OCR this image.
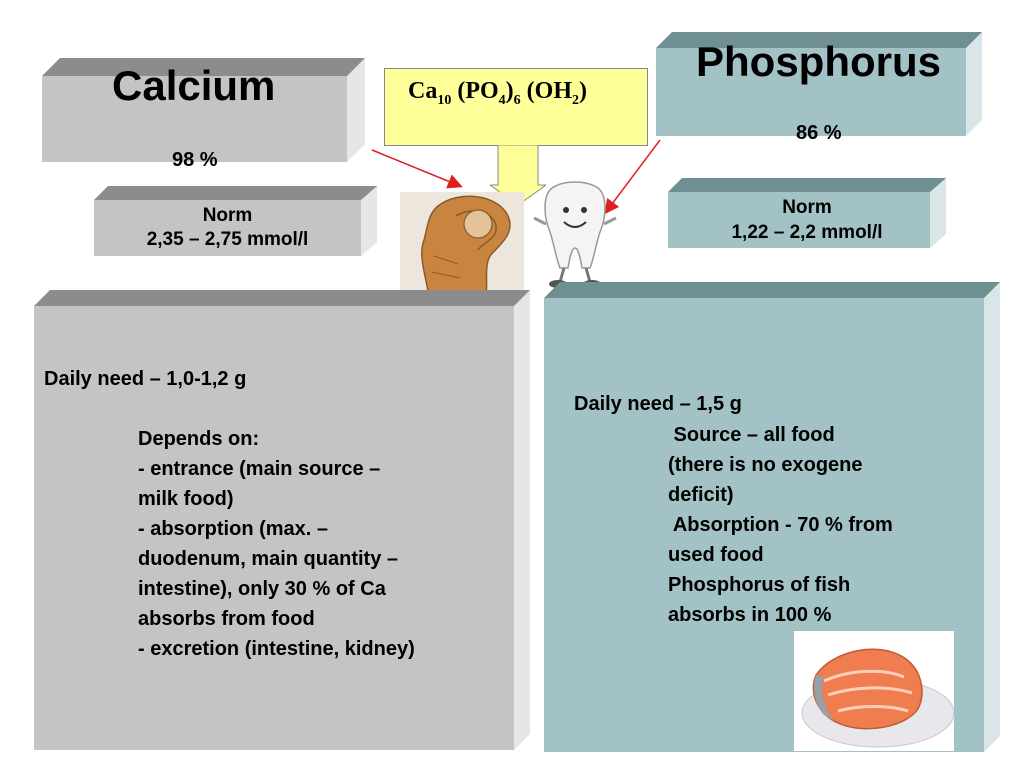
Calcium
98 %
Norm
2,35 – 2,75 mmol/l
$Ca_{10}$ $(PO_4)_6$ $(OH_2)$
Phosphorus
86 %
Norm
1,22 – 2,2 mmol/l
Daily need – 1,0-1,2 g
Depends on:
- entrance (main source –
milk food)
- absorption (max. –
duodenum, main quantity –
intestine), only 30 % of Ca
absorbs from food
- excretion (intestine, kidney)
Daily need – 1,5 g
Source – all food
(there is no exogene
deficit)
Absorption - 70 % from
used food
Phosphorus of fish
absorbs in 100 %
